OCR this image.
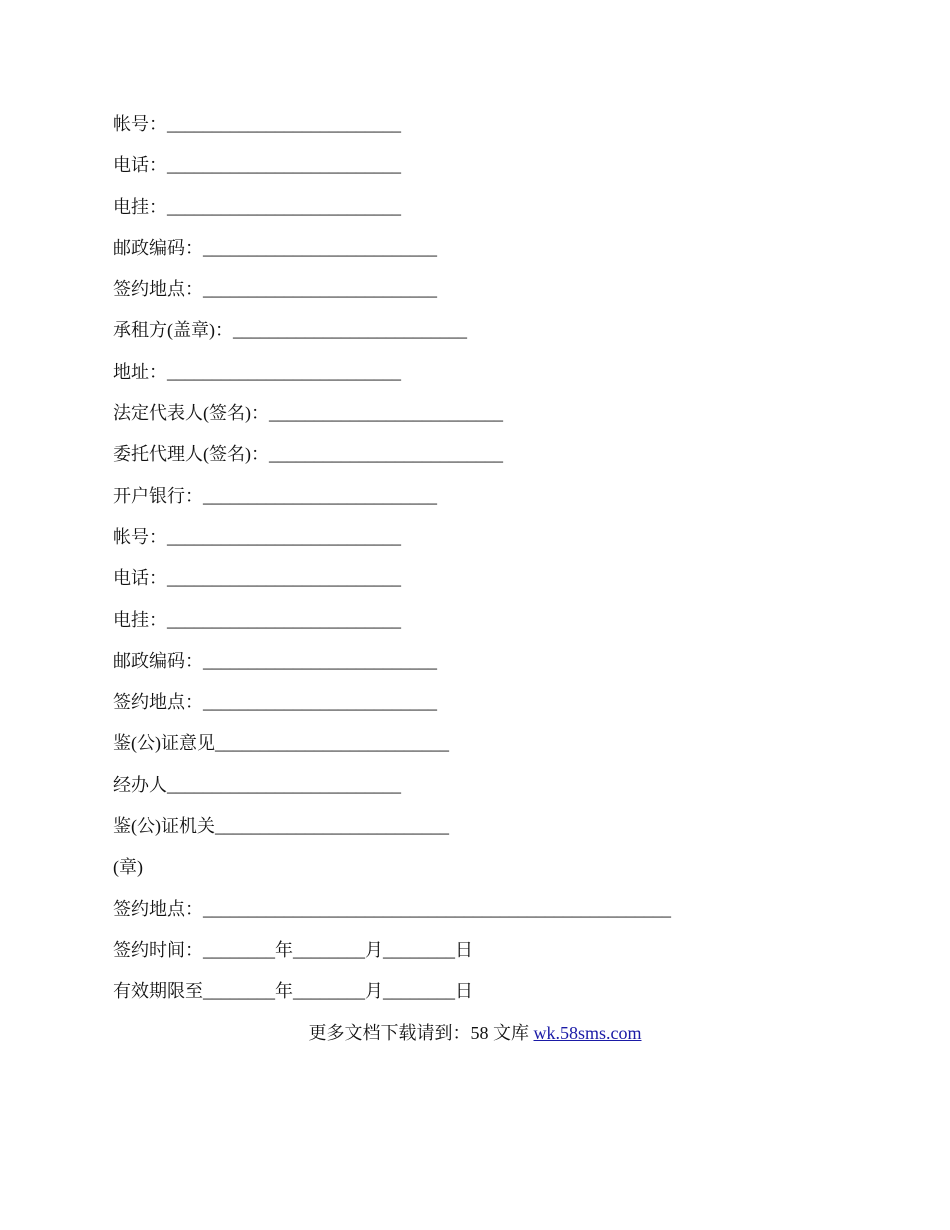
帐号：__________________________
电话：__________________________
电挂：__________________________
邮政编码：__________________________
签约地点：__________________________
承租方(盖章)：__________________________
地址：__________________________
法定代表人(签名)：__________________________
委托代理人(签名)：__________________________
开户银行：__________________________
帐号：__________________________
电话：__________________________
电挂：__________________________
邮政编码：__________________________
签约地点：__________________________
鉴(公)证意见__________________________
经办人__________________________
鉴(公)证机关__________________________
(章)
签约地点：____________________________________________________
签约时间：________年________月________日
有效期限至________年________月________日
更多文档下载请到：58 文库 wk.58sms.com
